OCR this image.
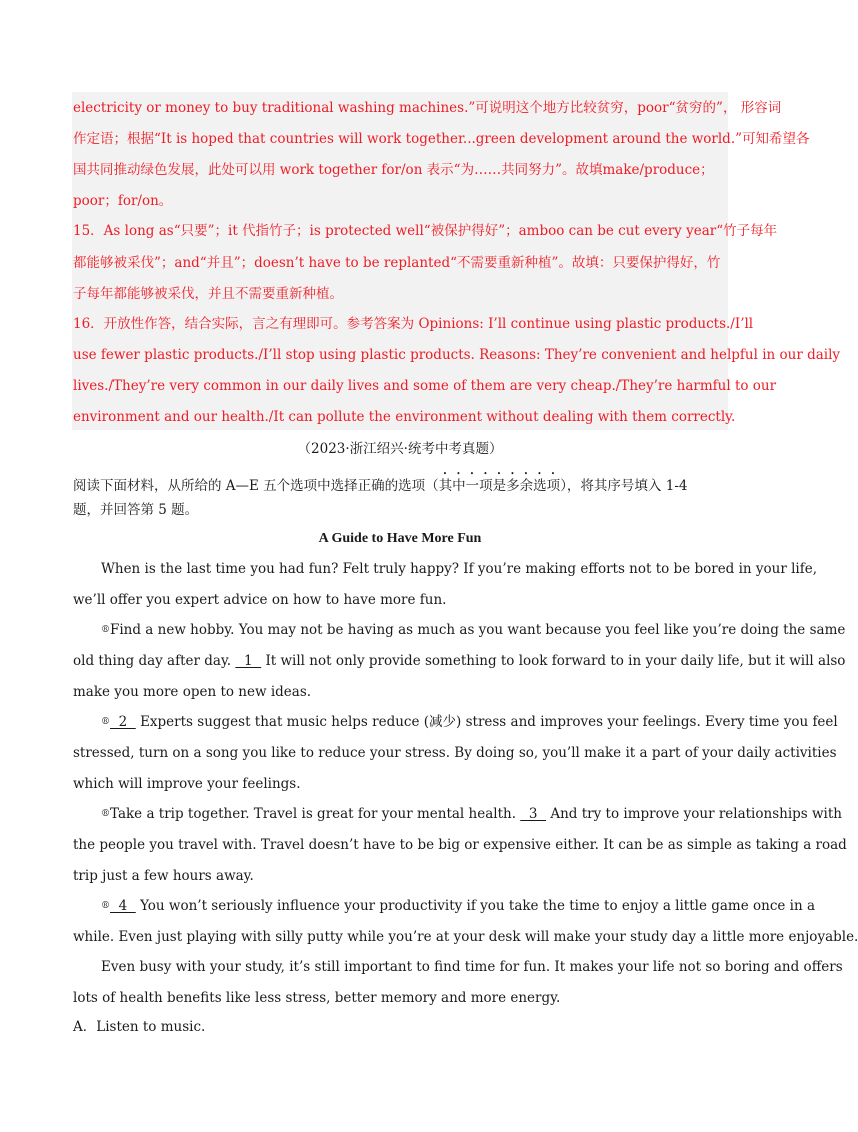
electricity or money to buy traditional washing machines.”可说明这个地方比较贫穷，poor“贫穷的”， 形容词
作定语；根据“It is hoped that countries will work together...green development around the world.”可知希望各
国共同推动绿色发展，此处可以用 work together for/on 表示“为……共同努力”。故填make/produce；
poor；for/on。
15．As long as“只要”；it 代指竹子；is protected well“被保护得好”；amboo can be cut every year“竹子每年
都能够被采伐”；and“并且”；doesn’t have to be replanted“不需要重新种植”。故填：只要保护得好，竹
子每年都能够被采伐，并且不需要重新种植。
16．开放性作答，结合实际，言之有理即可。参考答案为 Opinions: I’ll continue using plastic products./I’ll
use fewer plastic products./I’ll stop using plastic products. Reasons: They’re convenient and helpful in our daily
lives./They’re very common in our daily lives and some of them are very cheap./They’re harmful to our
environment and our health./It can pollute the environment without dealing with them correctly.
（2023·浙江绍兴·统考中考真题）
阅读下面材料，从所给的 A—E 五个选项中选择正确的选项（其中一项是多余选项），将其序号填入 1-4
题，并回答第 5 题。
A Guide to Have More Fun
When is the last time you had fun? Felt truly happy? If you’re making efforts not to be bored in your life,
we’ll offer you expert advice on how to have more fun.
®Find a new hobby. You may not be having as much as you want because you feel like you’re doing the same
old thing day after day.   1   It will not only provide something to look forward to in your daily life, but it will also
make you more open to new ideas.
®  2   Experts suggest that music helps reduce (减少) stress and improves your feelings. Every time you feel
stressed, turn on a song you like to reduce your stress. By doing so, you’ll make it a part of your daily activities
which will improve your feelings.
®Take a trip together. Travel is great for your mental health.   3   And try to improve your relationships with
the people you travel with. Travel doesn’t have to be big or expensive either. It can be as simple as taking a road
trip just a few hours away.
®  4   You won’t seriously influence your productivity if you take the time to enjoy a little game once in a
while. Even just playing with silly putty while you’re at your desk will make your study day a little more enjoyable.
Even busy with your study, it’s still important to find time for fun. It makes your life not so boring and offers
lots of health benefits like less stress, better memory and more energy.
A．Listen to music.
